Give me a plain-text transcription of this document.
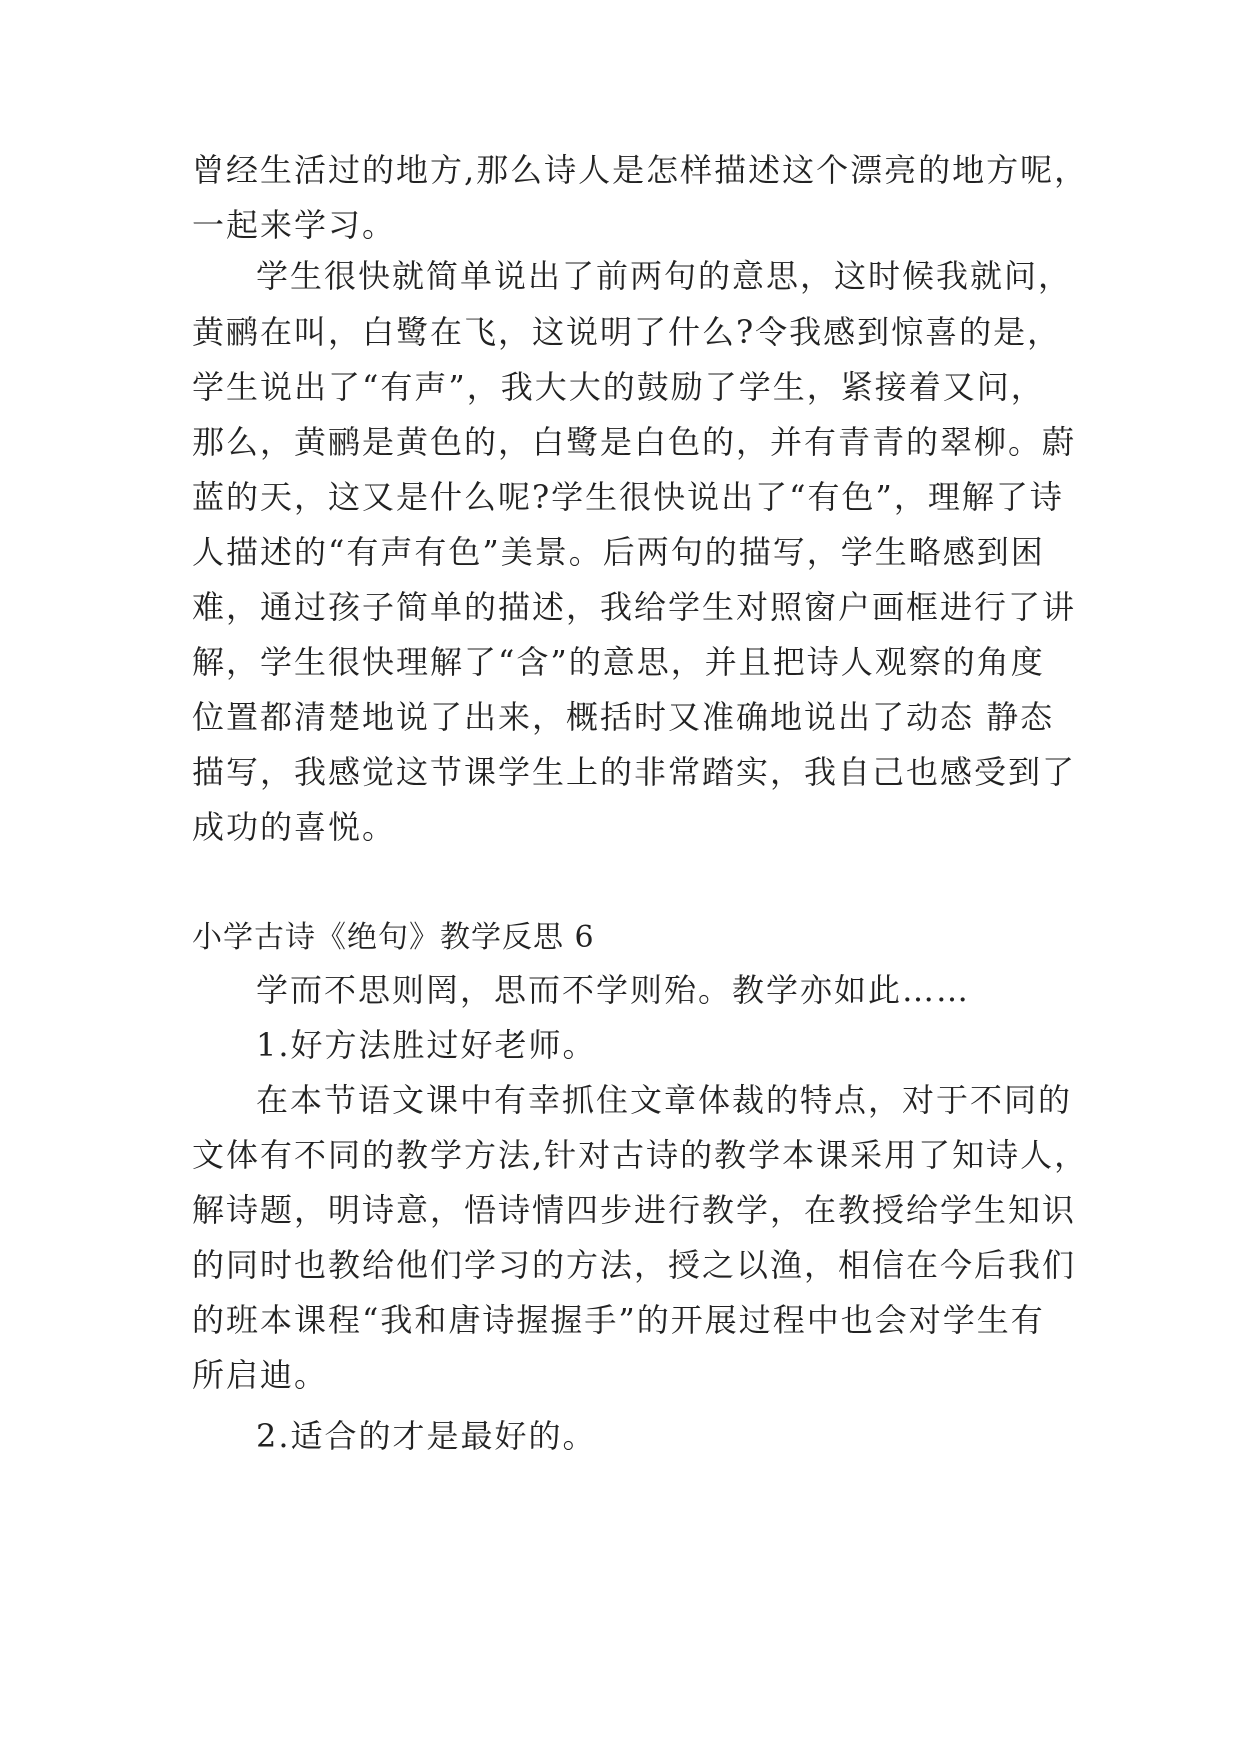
曾经生活过的地方,那么诗人是怎样描述这个漂亮的地方呢，
一起来学习。
学生很快就简单说出了前两句的意思，这时候我就问，
黄鹂在叫，白鹭在飞，这说明了什么?令我感到惊喜的是，
学生说出了“有声”，我大大的鼓励了学生，紧接着又问，
那么，黄鹂是黄色的，白鹭是白色的，并有青青的翠柳。蔚
蓝的天，这又是什么呢?学生很快说出了“有色”，理解了诗
人描述的“有声有色”美景。后两句的描写，学生略感到困
难，通过孩子简单的描述，我给学生对照窗户画框进行了讲
解，学生很快理解了“含”的意思，并且把诗人观察的角度
位置都清楚地说了出来，概括时又准确地说出了动态 静态
描写，我感觉这节课学生上的非常踏实，我自己也感受到了
成功的喜悦。
小学古诗《绝句》教学反思 6
学而不思则罔，思而不学则殆。教学亦如此……
1.好方法胜过好老师。
在本节语文课中有幸抓住文章体裁的特点，对于不同的
文体有不同的教学方法,针对古诗的教学本课采用了知诗人，
解诗题，明诗意，悟诗情四步进行教学，在教授给学生知识
的同时也教给他们学习的方法，授之以渔，相信在今后我们
的班本课程“我和唐诗握握手”的开展过程中也会对学生有
所启迪。
2.适合的才是最好的。
